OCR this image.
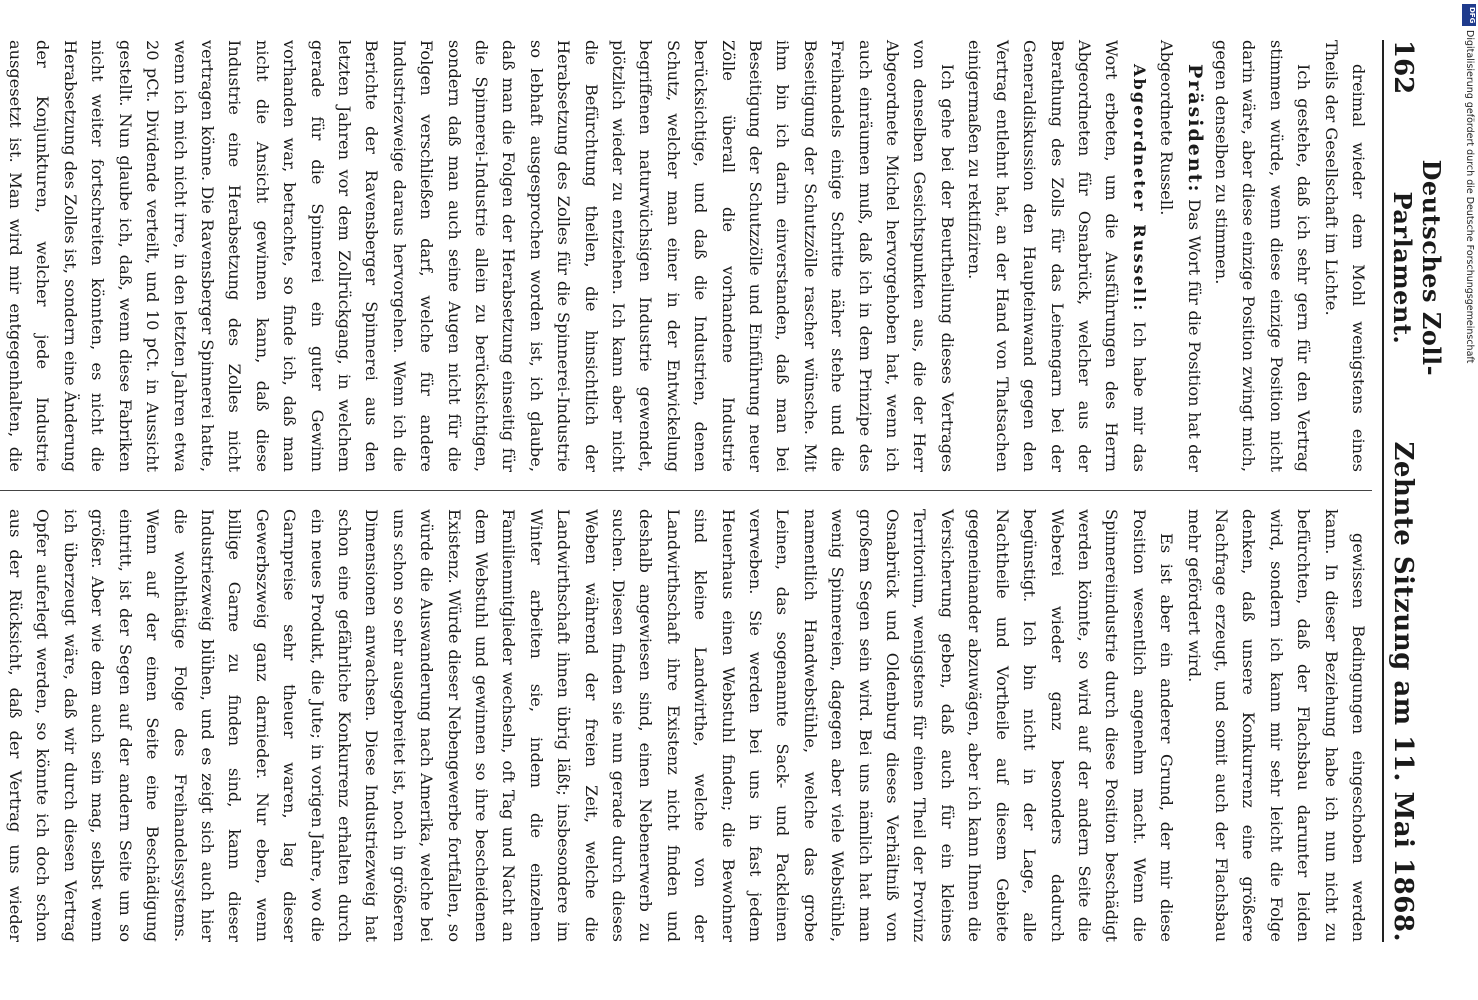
162
Deutsches Zoll-Parlament.
Zehnte Sitzung am 11. Mai 1868.

dreimal wieder dem Mohl wenigstens eines Theils der Gesellschaft im Lichte.

Ich gestehe, daß ich sehr gern für den Vertrag stimmen würde, wenn diese einzige Position nicht darin wäre, aber diese einzige Position zwingt mich, gegen denselben zu stimmen.

Präsident: Das Wort für die Position hat der Abgeordnete Russell.

Abgeordneter Russell: Ich habe mir das Wort erbeten, um die Ausführungen des Herrn Abgeordneten für Osnabrück, welcher aus der Berathung des Zolls für das Leinengarn bei der Generaldiskussion den Haupteinwand gegen den Vertrag entlehnt hat, an der Hand von Thatsachen einigermaßen zu rektifiziren.

Ich gehe bei der Beurtheilung dieses Vertrages von denselben Gesichtspunkten aus, die der Herr Abgeordnete Michel hervorgehoben hat, wenn ich auch einräumen muß, daß ich in dem Prinzipe des Freihandels einige Schritte näher stehe und die Beseitigung der Schutzzölle rascher wünsche. Mit ihm bin ich darin einverstanden, daß man bei Beseitigung der Schutzzölle und Einführung neuer Zölle überall die vorhandene Industrie berücksichtige, und daß die Industrien, denen Schutz, welcher man einer in der Entwickelung begriffenen naturwüchsigen Industrie gewendet, plötzlich wieder zu entziehen. Ich kann aber nicht die Befürchtung theilen, die hinsichtlich der Herabsetzung des Zolles für die Spinnerei-Industrie so lebhaft ausgesprochen worden ist, ich glaube, daß man die Folgen der Herabsetzung einseitig für die Spinnerei-Industrie allein zu berücksichtigen, sondern daß man auch seine Augen nicht für die Folgen verschließen darf, welche für andere Industriezweige daraus hervorgehen. Wenn ich die Berichte der Ravensberger Spinnerei aus den letzten Jahren vor dem Zollrückgang, in welchem gerade für die Spinnerei ein guter Gewinn vorhanden war, betrachte, so finde ich, daß man nicht die Ansicht gewinnen kann, daß diese Industrie eine Herabsetzung des Zolles nicht vertragen könne. Die Ravensberger Spinnerei hatte, wenn ich mich nicht irre, in den letzten Jahren etwa 20 pCt. Dividende verteilt, und 10 pCt. in Aussicht gestellt. Nun glaube ich, daß, wenn diese Fabriken nicht weiter fortschreiten könnten, es nicht die Herabsetzung des Zolles ist, sondern eine Änderung der Konjunkturen, welcher jede Industrie ausgesetzt ist. Man wird mir entgegenhalten, die

gewissen Bedingungen eingeschoben werden kann. In dieser Beziehung habe ich nun nicht zu befürchten, daß der Flachsbau darunter leiden wird, sondern ich kann mir sehr leicht die Folge denken, daß unsere Konkurrenz eine größere Nachfrage erzeugt, und somit auch der Flachsbau mehr gefördert wird.

Es ist aber ein anderer Grund, der mir diese Position wesentlich angenehm macht. Wenn die Spinnereiindustrie durch diese Position beschädigt werden könnte, so wird auf der andern Seite die Weberei wieder ganz besonders dadurch begünstigt. Ich bin nicht in der Lage, alle Nachtheile und Vortheile auf diesem Gebiete gegeneinander abzuwägen, aber ich kann Ihnen die Versicherung geben, daß auch für ein kleines Territorium, wenigstens für einen Theil der Provinz Osnabrück und Oldenburg dieses Verhältniß von großem Segen sein wird. Bei uns nämlich hat man wenig Spinnereien, dagegen aber viele Webstühle, namentlich Handwebstühle, welche das grobe Leinen, das sogenannte Sack- und Packleinen verweben. Sie werden bei uns in fast jedem Heuerhaus einen Webstuhl finden; die Bewohner sind kleine Landwirthe, welche von der Landwirthschaft ihre Existenz nicht finden und deshalb angewiesen sind, einen Nebenerwerb zu suchen. Diesen finden sie nun gerade durch dieses Weben während der freien Zeit, welche die Landwirthschaft ihnen übrig läßt; insbesondere im Winter arbeiten sie, indem die einzelnen Familienmitglieder wechseln, oft Tag und Nacht an dem Webstuhl und gewinnen so ihre bescheidenen Existenz. Würde dieser Nebengewerbe fortfallen, so würde die Auswanderung nach Amerika, welche bei uns schon so sehr ausgebreitet ist, noch in größeren Dimensionen anwachsen. Diese Industriezweig hat schon eine gefährliche Konkurrenz erhalten durch ein neues Produkt, die Jute; in vorigen Jahre, wo die Garnpreise sehr theuer waren, lag dieser Gewerbszweig ganz darnieder. Nur eben, wenn billige Garne zu finden sind, kann dieser Industriezweig blühen, und es zeigt sich auch hier die wohlthätige Folge des Freihandelssystems. Wenn auf der einen Seite eine Beschädigung eintritt, ist der Segen auf der andern Seite um so größer. Aber wie dem auch sein mag, selbst wenn ich überzeugt wäre, daß wir durch diesen Vertrag Opfer auferlegt werden, so könnte ich doch schon aus der Rücksicht, daß der Vertrag uns wieder

DFG
Digitalisierung gefördert durch die Deutsche Forschungsgemeinschaft
